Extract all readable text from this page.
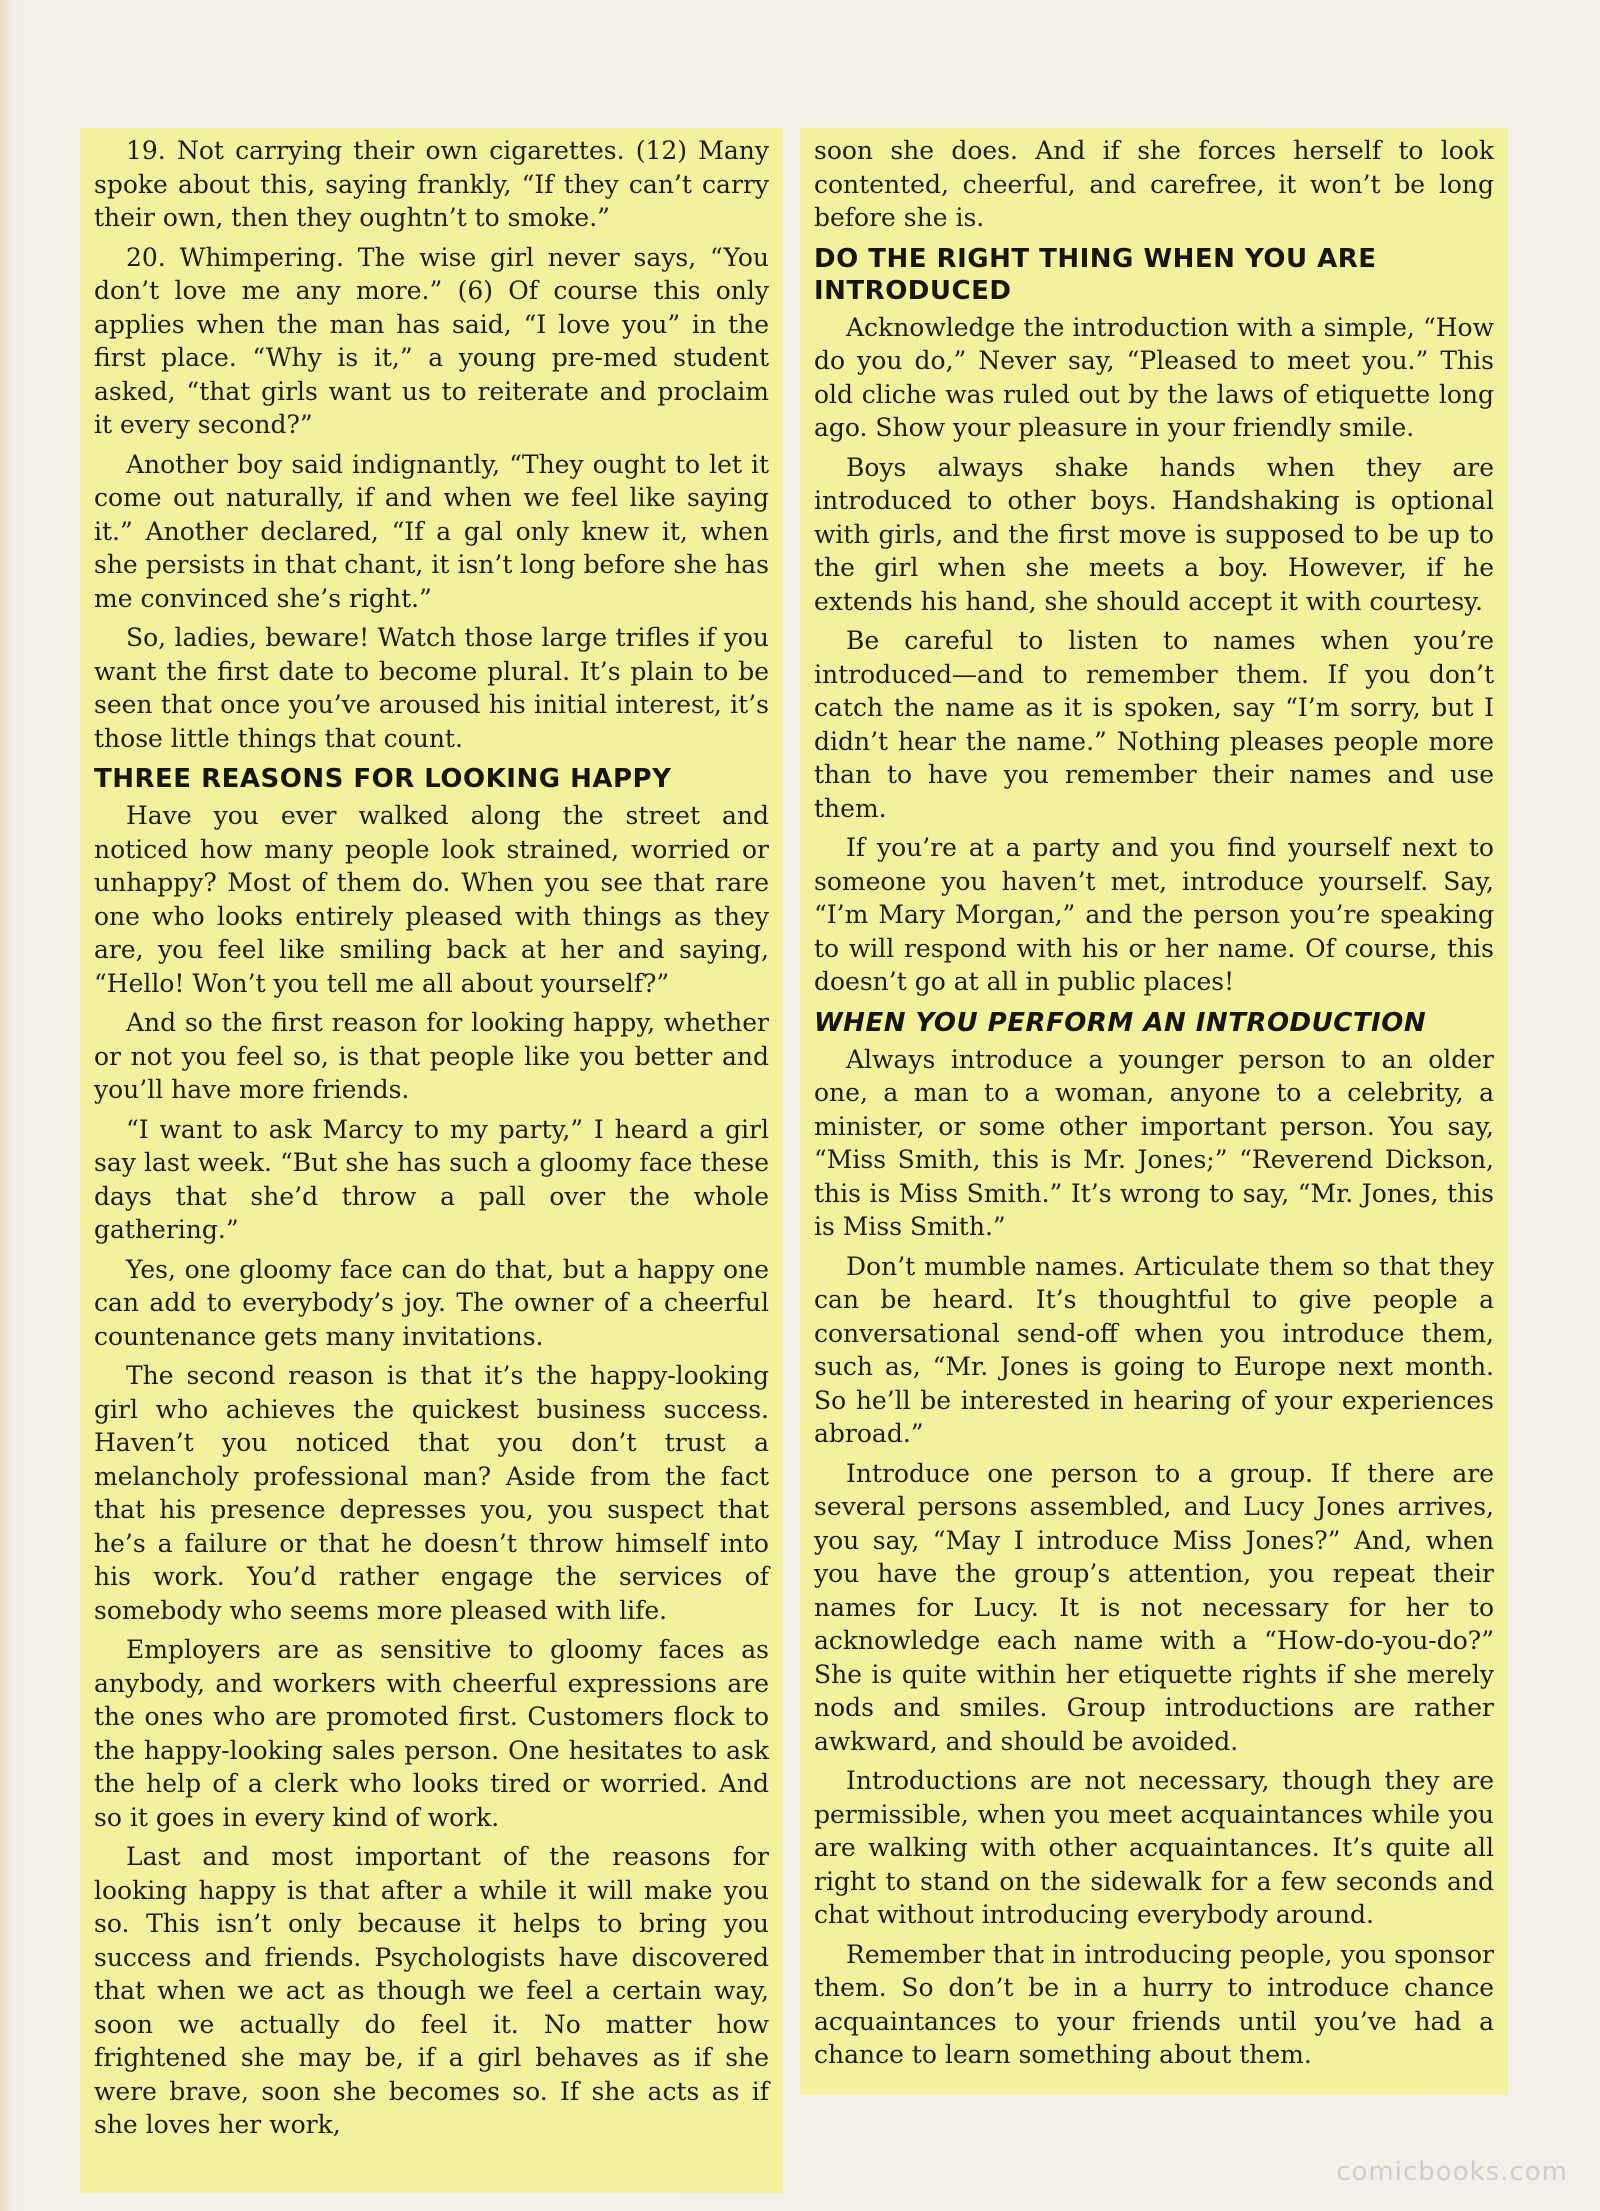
19. Not carrying their own cigarettes. (12) Many spoke about this, saying frankly, “If they can’t carry their own, then they oughtn’t to smoke.”

20. Whimpering. The wise girl never says, “You don’t love me any more.” (6) Of course this only applies when the man has said, “I love you” in the first place. “Why is it,” a young pre-med student asked, “that girls want us to reiterate and proclaim it every second?”

Another boy said indignantly, “They ought to let it come out naturally, if and when we feel like saying it.” Another declared, “If a gal only knew it, when she persists in that chant, it isn’t long before she has me convinced she’s right.”

So, ladies, beware! Watch those large trifles if you want the first date to become plural. It’s plain to be seen that once you’ve aroused his initial interest, it’s those little things that count.

THREE REASONS FOR LOOKING HAPPY

Have you ever walked along the street and noticed how many people look strained, worried or unhappy? Most of them do. When you see that rare one who looks entirely pleased with things as they are, you feel like smiling back at her and saying, “Hello! Won’t you tell me all about yourself?”

And so the first reason for looking happy, whether or not you feel so, is that people like you better and you’ll have more friends.

“I want to ask Marcy to my party,” I heard a girl say last week. “But she has such a gloomy face these days that she’d throw a pall over the whole gathering.”

Yes, one gloomy face can do that, but a happy one can add to everybody’s joy. The owner of a cheerful countenance gets many invitations.

The second reason is that it’s the happy-looking girl who achieves the quickest business success. Haven’t you noticed that you don’t trust a melancholy professional man? Aside from the fact that his presence depresses you, you suspect that he’s a failure or that he doesn’t throw himself into his work. You’d rather engage the services of somebody who seems more pleased with life.

Employers are as sensitive to gloomy faces as anybody, and workers with cheerful expressions are the ones who are promoted first. Customers flock to the happy-looking sales person. One hesitates to ask the help of a clerk who looks tired or worried. And so it goes in every kind of work.

Last and most important of the reasons for looking happy is that after a while it will make you so. This isn’t only because it helps to bring you success and friends. Psychologists have discovered that when we act as though we feel a certain way, soon we actually do feel it. No matter how frightened she may be, if a girl behaves as if she were brave, soon she becomes so. If she acts as if she loves her work,

soon she does. And if she forces herself to look contented, cheerful, and carefree, it won’t be long before she is.

DO THE RIGHT THING WHEN YOU ARE INTRODUCED

Acknowledge the introduction with a simple, “How do you do,” Never say, “Pleased to meet you.” This old cliche was ruled out by the laws of etiquette long ago. Show your pleasure in your friendly smile.

Boys always shake hands when they are introduced to other boys. Handshaking is optional with girls, and the first move is supposed to be up to the girl when she meets a boy. However, if he extends his hand, she should accept it with courtesy.

Be careful to listen to names when you’re introduced—and to remember them. If you don’t catch the name as it is spoken, say “I’m sorry, but I didn’t hear the name.” Nothing pleases people more than to have you remember their names and use them.

If you’re at a party and you find yourself next to someone you haven’t met, introduce yourself. Say, “I’m Mary Morgan,” and the person you’re speaking to will respond with his or her name. Of course, this doesn’t go at all in public places!

WHEN YOU PERFORM AN INTRODUCTION

Always introduce a younger person to an older one, a man to a woman, anyone to a celebrity, a minister, or some other important person. You say, “Miss Smith, this is Mr. Jones;” “Reverend Dickson, this is Miss Smith.” It’s wrong to say, “Mr. Jones, this is Miss Smith.”

Don’t mumble names. Articulate them so that they can be heard. It’s thoughtful to give people a conversational send-off when you introduce them, such as, “Mr. Jones is going to Europe next month. So he’ll be interested in hearing of your experiences abroad.”

Introduce one person to a group. If there are several persons assembled, and Lucy Jones arrives, you say, “May I introduce Miss Jones?” And, when you have the group’s attention, you repeat their names for Lucy. It is not necessary for her to acknowledge each name with a “How-do-you-do?” She is quite within her etiquette rights if she merely nods and smiles. Group introductions are rather awkward, and should be avoided.

Introductions are not necessary, though they are permissible, when you meet acquaintances while you are walking with other acquaintances. It’s quite all right to stand on the sidewalk for a few seconds and chat without introducing everybody around.

Remember that in introducing people, you sponsor them. So don’t be in a hurry to introduce chance acquaintances to your friends until you’ve had a chance to learn something about them.

comicbooks.com
